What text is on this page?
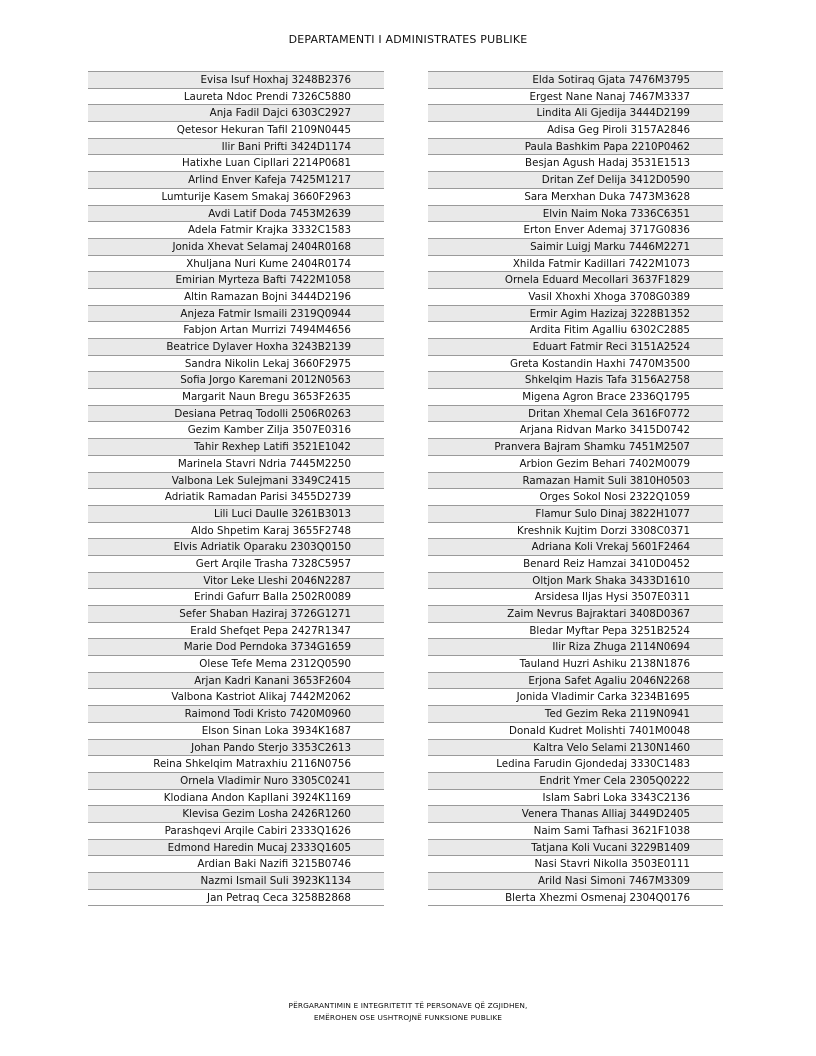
DEPARTAMENTI I ADMINISTRATES PUBLIKE
Evisa Isuf Hoxhaj 3248B2376
Laureta Ndoc Prendi 7326C5880
Anja Fadil Dajci 6303C2927
Qetesor Hekuran Tafil 2109N0445
Ilir Bani Prifti 3424D1174
Hatixhe Luan Cipllari 2214P0681
Arlind Enver Kafeja 7425M1217
Lumturije Kasem Smakaj 3660F2963
Avdi Latif Doda 7453M2639
Adela Fatmir Krajka 3332C1583
Jonida Xhevat Selamaj 2404R0168
Xhuljana Nuri Kume 2404R0174
Emirian Myrteza Bafti 7422M1058
Altin Ramazan Bojni 3444D2196
Anjeza Fatmir Ismaili 2319Q0944
Fabjon Artan Murrizi 7494M4656
Beatrice Dylaver Hoxha 3243B2139
Sandra Nikolin Lekaj 3660F2975
Sofia Jorgo Karemani 2012N0563
Margarit Naun Bregu 3653F2635
Desiana Petraq Todolli 2506R0263
Gezim Kamber Zilja 3507E0316
Tahir Rexhep Latifi 3521E1042
Marinela Stavri Ndria 7445M2250
Valbona Lek Sulejmani 3349C2415
Adriatik Ramadan Parisi 3455D2739
Lili Luci Daulle 3261B3013
Aldo Shpetim Karaj 3655F2748
Elvis Adriatik Oparaku 2303Q0150
Gert Arqile Trasha 7328C5957
Vitor Leke Lleshi 2046N2287
Erindi Gafurr Balla 2502R0089
Sefer Shaban Haziraj 3726G1271
Erald Shefqet Pepa 2427R1347
Marie Dod Perndoka 3734G1659
Olese Tefe Mema 2312Q0590
Arjan Kadri Kanani 3653F2604
Valbona Kastriot Alikaj 7442M2062
Raimond Todi Kristo 7420M0960
Elson Sinan Loka 3934K1687
Johan Pando Sterjo 3353C2613
Reina Shkelqim Matraxhiu 2116N0756
Ornela Vladimir Nuro 3305C0241
Klodiana Andon Kapllani 3924K1169
Klevisa Gezim Losha 2426R1260
Parashqevi Arqile Cabiri 2333Q1626
Edmond Haredin Mucaj 2333Q1605
Ardian Baki Nazifi 3215B0746
Nazmi Ismail Suli 3923K1134
Jan Petraq Ceca 3258B2868
Elda Sotiraq Gjata 7476M3795
Ergest Nane Nanaj 7467M3337
Lindita Ali Gjedija 3444D2199
Adisa Geg Piroli 3157A2846
Paula Bashkim Papa 2210P0462
Besjan Agush Hadaj 3531E1513
Dritan Zef Delija 3412D0590
Sara Merxhan Duka 7473M3628
Elvin Naim Noka 7336C6351
Erton Enver Ademaj 3717G0836
Saimir Luigj Marku 7446M2271
Xhilda Fatmir Kadillari 7422M1073
Ornela Eduard Mecollari 3637F1829
Vasil Xhoxhi Xhoga 3708G0389
Ermir Agim Hazizaj 3228B1352
Ardita Fitim Agalliu 6302C2885
Eduart Fatmir Reci 3151A2524
Greta Kostandin Haxhi 7470M3500
Shkelqim Hazis Tafa 3156A2758
Migena Agron Brace 2336Q1795
Dritan Xhemal Cela 3616F0772
Arjana Ridvan Marko 3415D0742
Pranvera Bajram Shamku 7451M2507
Arbion Gezim Behari 7402M0079
Ramazan Hamit Suli 3810H0503
Orges Sokol Nosi 2322Q1059
Flamur Sulo Dinaj 3822H1077
Kreshnik Kujtim Dorzi 3308C0371
Adriana Koli Vrekaj 5601F2464
Benard Reiz Hamzai 3410D0452
Oltjon Mark Shaka 3433D1610
Arsidesa Iljas Hysi 3507E0311
Zaim Nevrus Bajraktari 3408D0367
Bledar Myftar Pepa 3251B2524
Ilir Riza Zhuga 2114N0694
Tauland Huzri Ashiku 2138N1876
Erjona Safet Agaliu 2046N2268
Jonida Vladimir Carka 3234B1695
Ted Gezim Reka 2119N0941
Donald Kudret Molishti 7401M0048
Kaltra Velo Selami 2130N1460
Ledina Farudin Gjondedaj 3330C1483
Endrit Ymer Cela 2305Q0222
Islam Sabri Loka 3343C2136
Venera Thanas Alliaj 3449D2405
Naim Sami Tafhasi 3621F1038
Tatjana Koli Vucani 3229B1409
Nasi Stavri Nikolla 3503E0111
Arild Nasi Simoni 7467M3309
Blerta Xhezmi Osmenaj 2304Q0176
PËRGARANTIMIN E INTEGRITETIT TË PERSONAVE QË ZGJIDHEN,
EMËROHEN OSE USHTROJNË FUNKSIONE PUBLIKE
